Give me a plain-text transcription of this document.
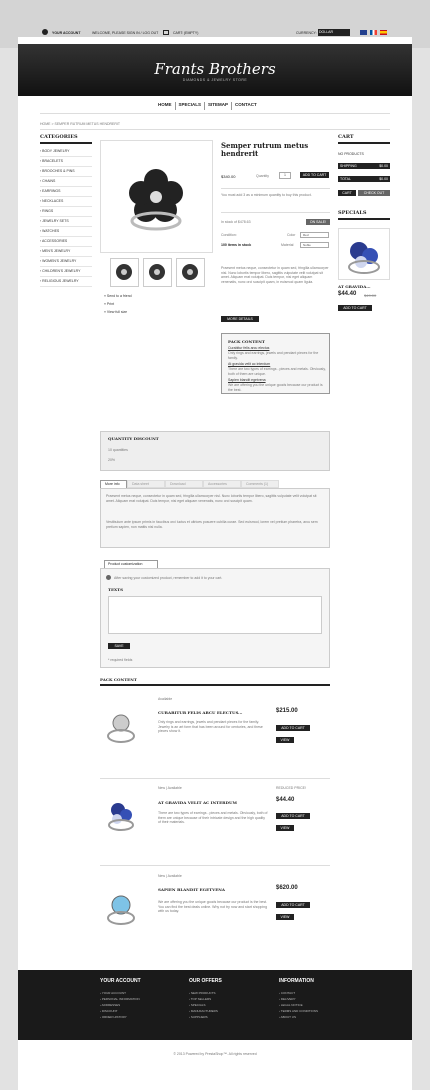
YOUR ACCOUNT	WELCOME, PLEASE SIGN IN / LOG OUT	CART: (EMPTY)	CURRENCY: DOLLAR
Frants Brothers
DIAMONDS & JEWELRY STORE
HOME	SPECIALS	SITEMAP	CONTACT
HOME > SEMPER RUTRUM METUS HENDRERIT
CATEGORIES
› BODY JEWELRY
› BRACELETS
› BROOCHES & PINS
› CHAINS
› EARRINGS
› NECKLACES
› RINGS
› JEWELRY SETS
› WATCHES
› ACCESSORIES
› MEN'S JEWELRY
› WOMEN'S JEWELRY
› CHILDREN'S JEWELRY
› RELIGIOUS JEWELRY
» Send to a friend
» Print
» View full size
Semper rutrum metus hendrerit
$340.00	Quantity	1	ADD TO CART
You must add 3 as a minimum quantity to buy this product.
In stock of $478.63	ON SALE!
Condition:	Color	Red
100 items in stock	Material	Noble
Praesent metus neque, consectetur in quam sed, fringilla ullamcorper nisl. Nunc lobortis tempor libero, sagittis vulputate velit volutpat sit amet. Aliquam erat volutpat. Duis tempor, nisi eget aliquam venenatis, nunc orci suscipit quam, in euismod quam ligula.
MORE DETAILS
PACK CONTENT
Curabitur felis arcu electus
Only rings and earrings, jewels and pendant pieces for the family.
At gravida velit ac interdum
There are two types of earrings - pieces and metals. Obviously, both of them are unique.
Sapien blandit egetvena
We are offering you the unique goods because our product is the best.
QUANTITY DISCOUNT
10 quantities
20%
More info	Data sheet	Download	Accessories	Comments (1)
Praesent metus neque, consectetur in quam sed, fringilla ullamcorper nisl. Nunc lobortis tempor libero, sagittis vulputate velit volutpat sit amet. Aliquam erat volutpat. Duis tempor, nisi eget aliquam venenatis, nunc orci suscipit quam.
Vestibulum ante ipsum primis in faucibus orci luctus et ultrices posuere cubilia curae. Sed euismod, lorem vel pretium pharetra, arcu sem pretium sapien, non mattis nisl nulla.
Product customization
After saving your customized product, remember to add it to your cart.
TEXTS
SAVE
* required fields
PACK CONTENT
Available
CURABITUR FELIS ARCU ELECTUS...
Only rings and earrings, jewels and pendant pieces for the family. Jewelry is an art form that has been around for centuries, and these pieces show it.
$215.00
ADD TO CART
VIEW
New | Available
AT GRAVIDA VELIT AC INTERDUM
There are two types of earrings - pieces and metals. Obviously, both of them are unique because of their intricate design and the high quality of their materials.
REDUCED PRICE!
$44.40
ADD TO CART
VIEW
New | Available
SAPIEN BLANDIT EGETVENA
We are offering you the unique goods because our product is the best. You can find the best deals online. Why not try now and start shopping with us today.
$620.00
ADD TO CART
VIEW
CART
NO PRODUCTS
SHIPPING	$0.00
TOTAL	$0.00
CART	CHECK OUT
SPECIALS
AT GRAVIDA...
$44.40 $49.00
ADD TO CART
YOUR ACCOUNT
› YOUR ACCOUNT
› PERSONAL INFORMATION
› ADDRESSES
› DISCOUNT
› ORDER HISTORY
OUR OFFERS
› NEW PRODUCTS
› TOP SELLERS
› SPECIALS
› MANUFACTURERS
› SUPPLIERS
INFORMATION
› CONTACT
› DELIVERY
› LEGAL NOTICE
› TERMS AND CONDITIONS
› ABOUT US
© 2013 Powered by PrestaShop™. All rights reserved
